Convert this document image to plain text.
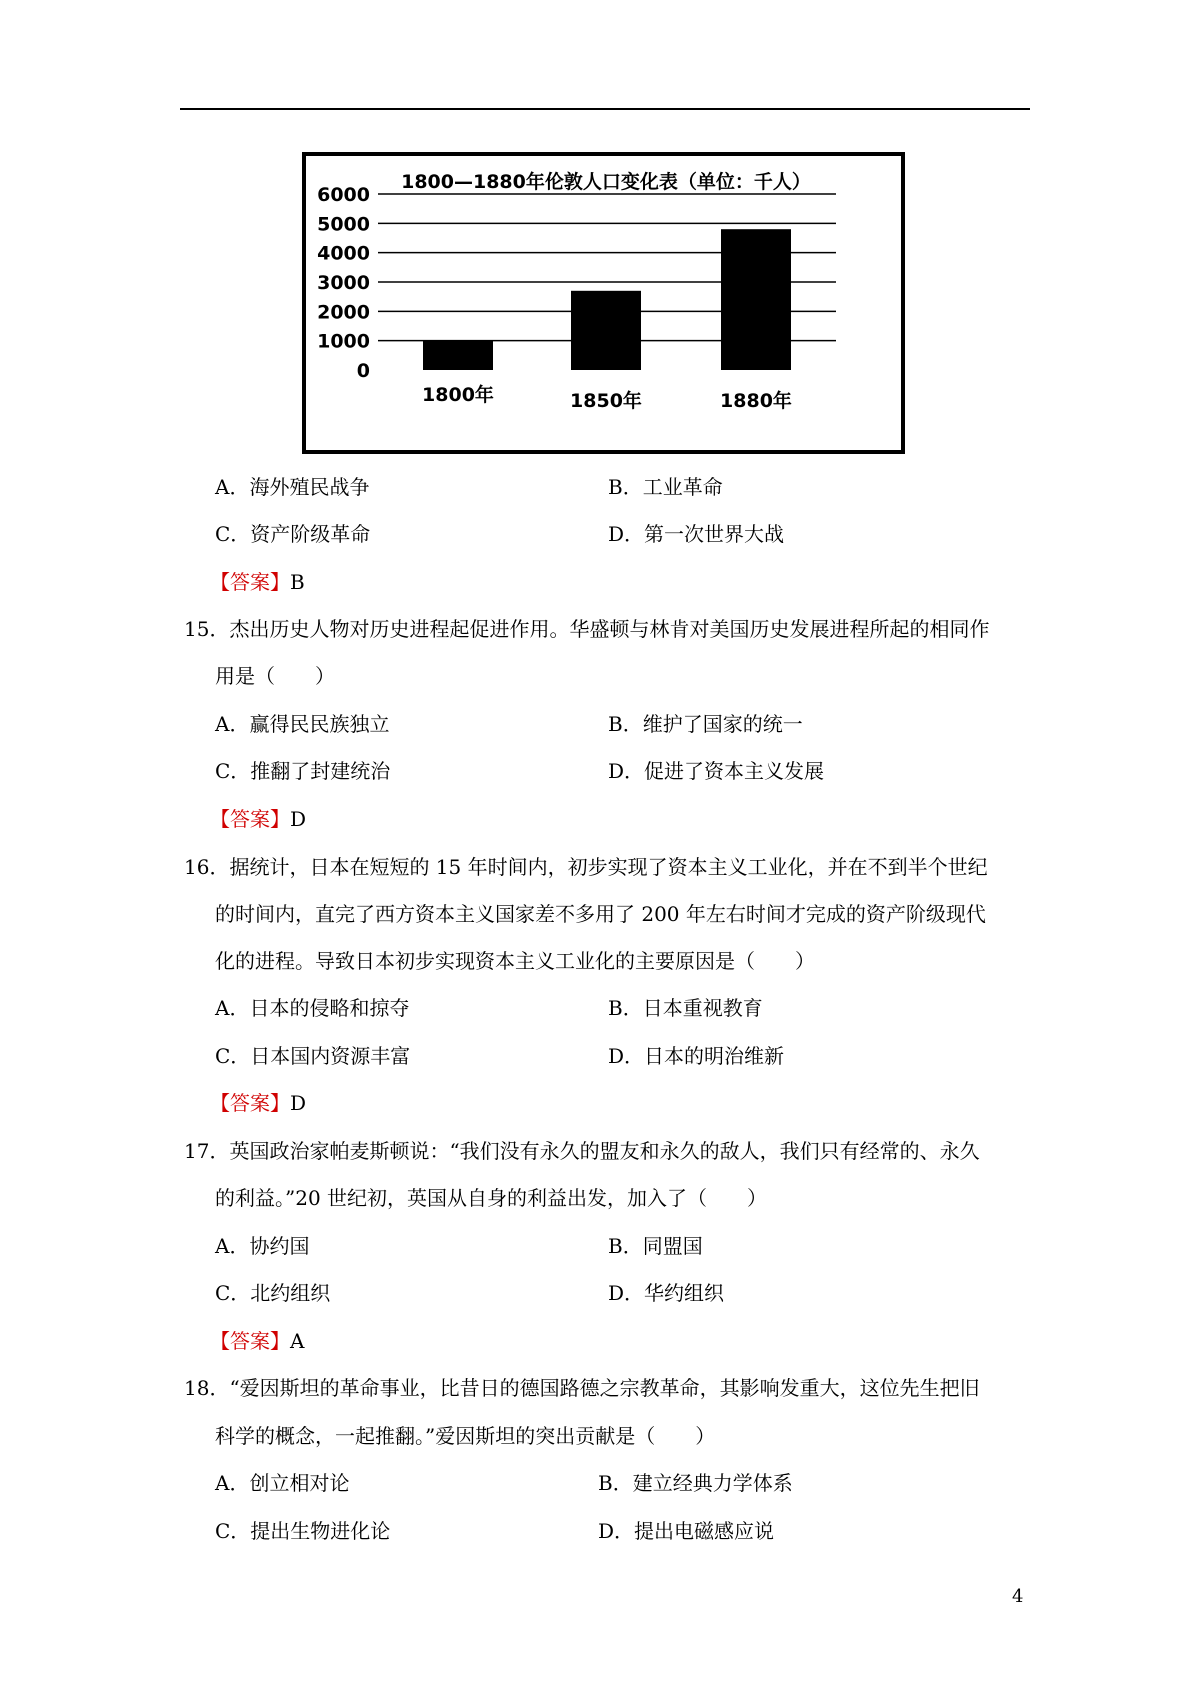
1800—1880年伦敦人口变化表（单位：千人）
0
1000
2000
3000
4000
5000
6000
1800年	1850年	1880年
A．海外殖民战争	B．工业革命
C．资产阶级革命	D．第一次世界大战
【答案】B
15．杰出历史人物对历史进程起促进作用。华盛顿与林肯对美国历史发展进程所起的相同作
用是（　　）
A．赢得民民族独立	B．维护了国家的统一
C．推翻了封建统治	D．促进了资本主义发展
【答案】D
16．据统计，日本在短短的 15 年时间内，初步实现了资本主义工业化，并在不到半个世纪
的时间内，直完了西方资本主义国家差不多用了 200 年左右时间才完成的资产阶级现代
化的进程。导致日本初步实现资本主义工业化的主要原因是（　　）
A．日本的侵略和掠夺	B．日本重视教育
C．日本国内资源丰富	D．日本的明治维新
【答案】D
17．英国政治家帕麦斯顿说：“我们没有永久的盟友和永久的敌人，我们只有经常的、永久
的利益。”20 世纪初，英国从自身的利益出发，加入了（　　）
A．协约国	B．同盟国
C．北约组织	D．华约组织
【答案】A
18．“爱因斯坦的革命事业，比昔日的德国路德之宗教革命，其影响发重大，这位先生把旧
科学的概念，一起推翻。”爱因斯坦的突出贡献是（　　）
A．创立相对论	B．建立经典力学体系
C．提出生物进化论	D．提出电磁感应说
4
